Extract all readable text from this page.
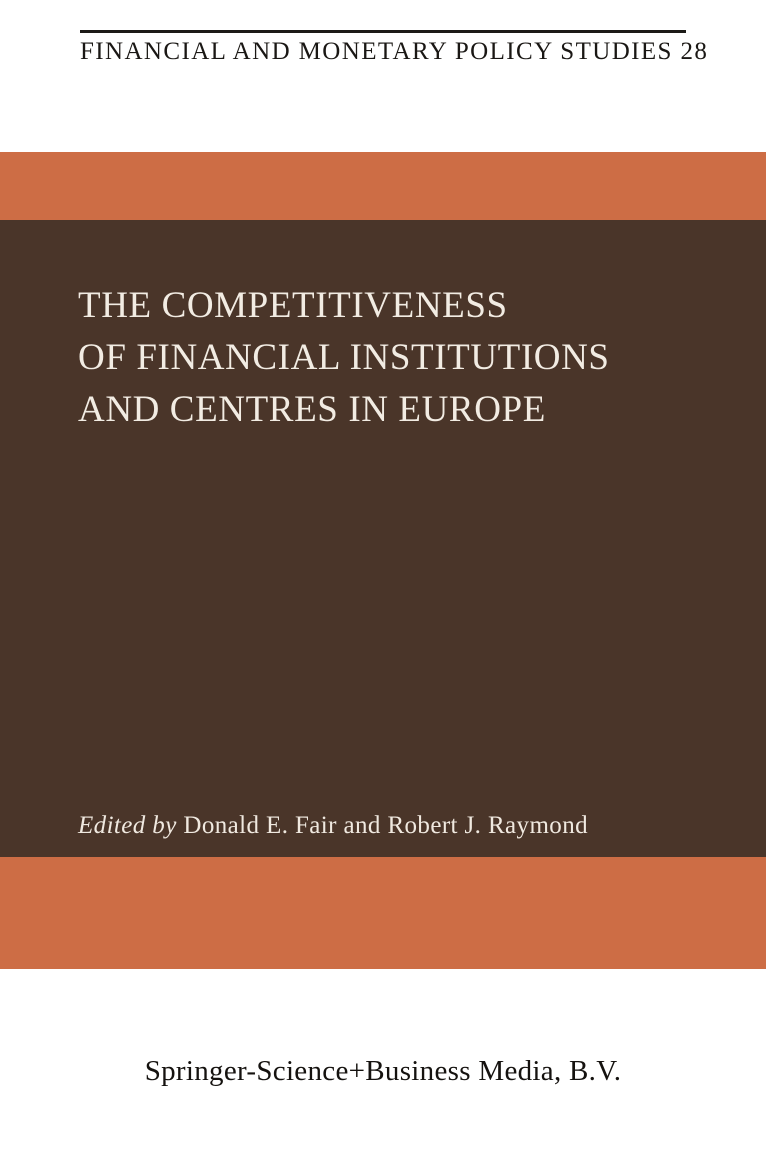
FINANCIAL AND MONETARY POLICY STUDIES 28
THE COMPETITIVENESS
OF FINANCIAL INSTITUTIONS
AND CENTRES IN EUROPE
Edited by Donald E. Fair and Robert J. Raymond
Springer-Science+Business Media, B.V.
